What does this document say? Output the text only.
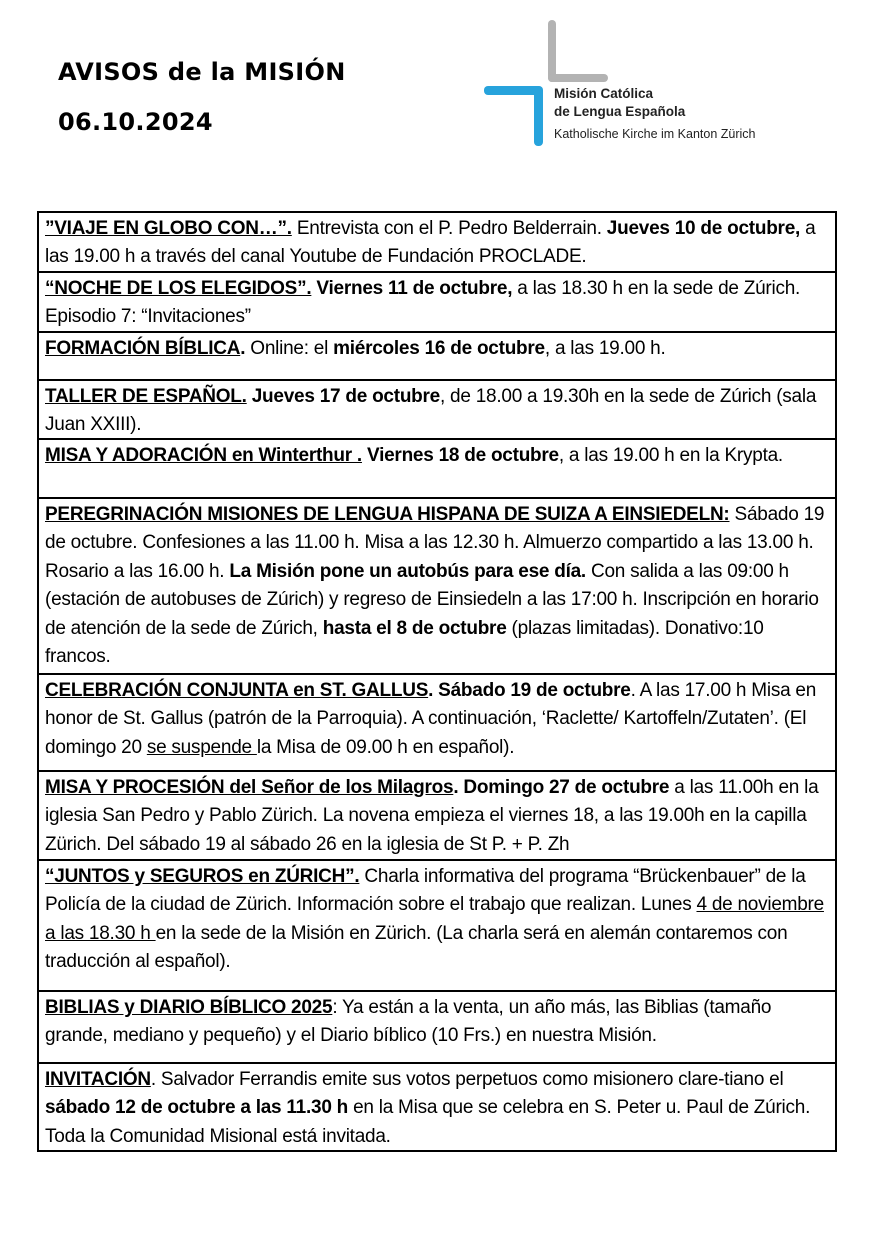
AVISOS de la MISIÓN
06.10.2024
Misión Católica
de Lengua Española
Katholische Kirche im Kanton Zürich
”VIAJE EN GLOBO CON…”. Entrevista con el P. Pedro Belderrain. Jueves 10 de octubre, a las 19.00 h a través del canal Youtube de Fundación PROCLADE.
“NOCHE DE LOS ELEGIDOS”. Viernes 11 de octubre, a las 18.30 h en la sede de Zúrich. Episodio 7: “Invitaciones”
FORMACIÓN BÍBLICA. Online: el miércoles 16 de octubre, a las 19.00 h.
TALLER DE ESPAÑOL. Jueves 17 de octubre, de 18.00 a 19.30h en la sede de Zúrich (sala Juan XXIII).
MISA Y ADORACIÓN en Winterthur . Viernes 18 de octubre, a las 19.00 h en la Krypta.
PEREGRINACIÓN MISIONES DE LENGUA HISPANA DE SUIZA A EINSIEDELN: Sábado 19 de octubre. Confesiones a las 11.00 h. Misa a las 12.30 h. Almuerzo compartido a las 13.00 h. Rosario a las 16.00 h. La Misión pone un autobús para ese día. Con salida a las 09:00 h (estación de autobuses de Zúrich) y regreso de Einsiedeln a las 17:00 h. Inscripción en horario de atención de la sede de Zúrich, hasta el 8 de octubre (plazas limitadas). Donativo:10 francos.
CELEBRACIÓN CONJUNTA en ST. GALLUS. Sábado 19 de octubre. A las 17.00 h Misa en honor de St. Gallus (patrón de la Parroquia). A continuación, ‘Raclette/ Kartoffeln/Zutaten’. (El domingo 20 se suspende la Misa de 09.00 h en español).
MISA Y PROCESIÓN del Señor de los Milagros. Domingo 27 de octubre a las 11.00h en la iglesia San Pedro y Pablo Zürich. La novena empieza el viernes 18, a las 19.00h en la capilla Zürich. Del sábado 19 al sábado 26 en la iglesia de St P. + P. Zh
“JUNTOS y SEGUROS en ZÚRICH”. Charla informativa del programa “Brückenbauer” de la Policía de la ciudad de Zürich. Información sobre el trabajo que realizan. Lunes 4 de noviembre a las 18.30 h en la sede de la Misión en Zürich. (La charla será en alemán contaremos con traducción al español).
BIBLIAS y DIARIO BÍBLICO 2025: Ya están a la venta, un año más, las Biblias (tamaño grande, mediano y pequeño) y el Diario bíblico (10 Frs.) en nuestra Misión.
INVITACIÓN. Salvador Ferrandis emite sus votos perpetuos como misionero clare-tiano el sábado 12 de octubre a las 11.30 h en la Misa que se celebra en S. Peter u. Paul de Zúrich. Toda la Comunidad Misional está invitada.
